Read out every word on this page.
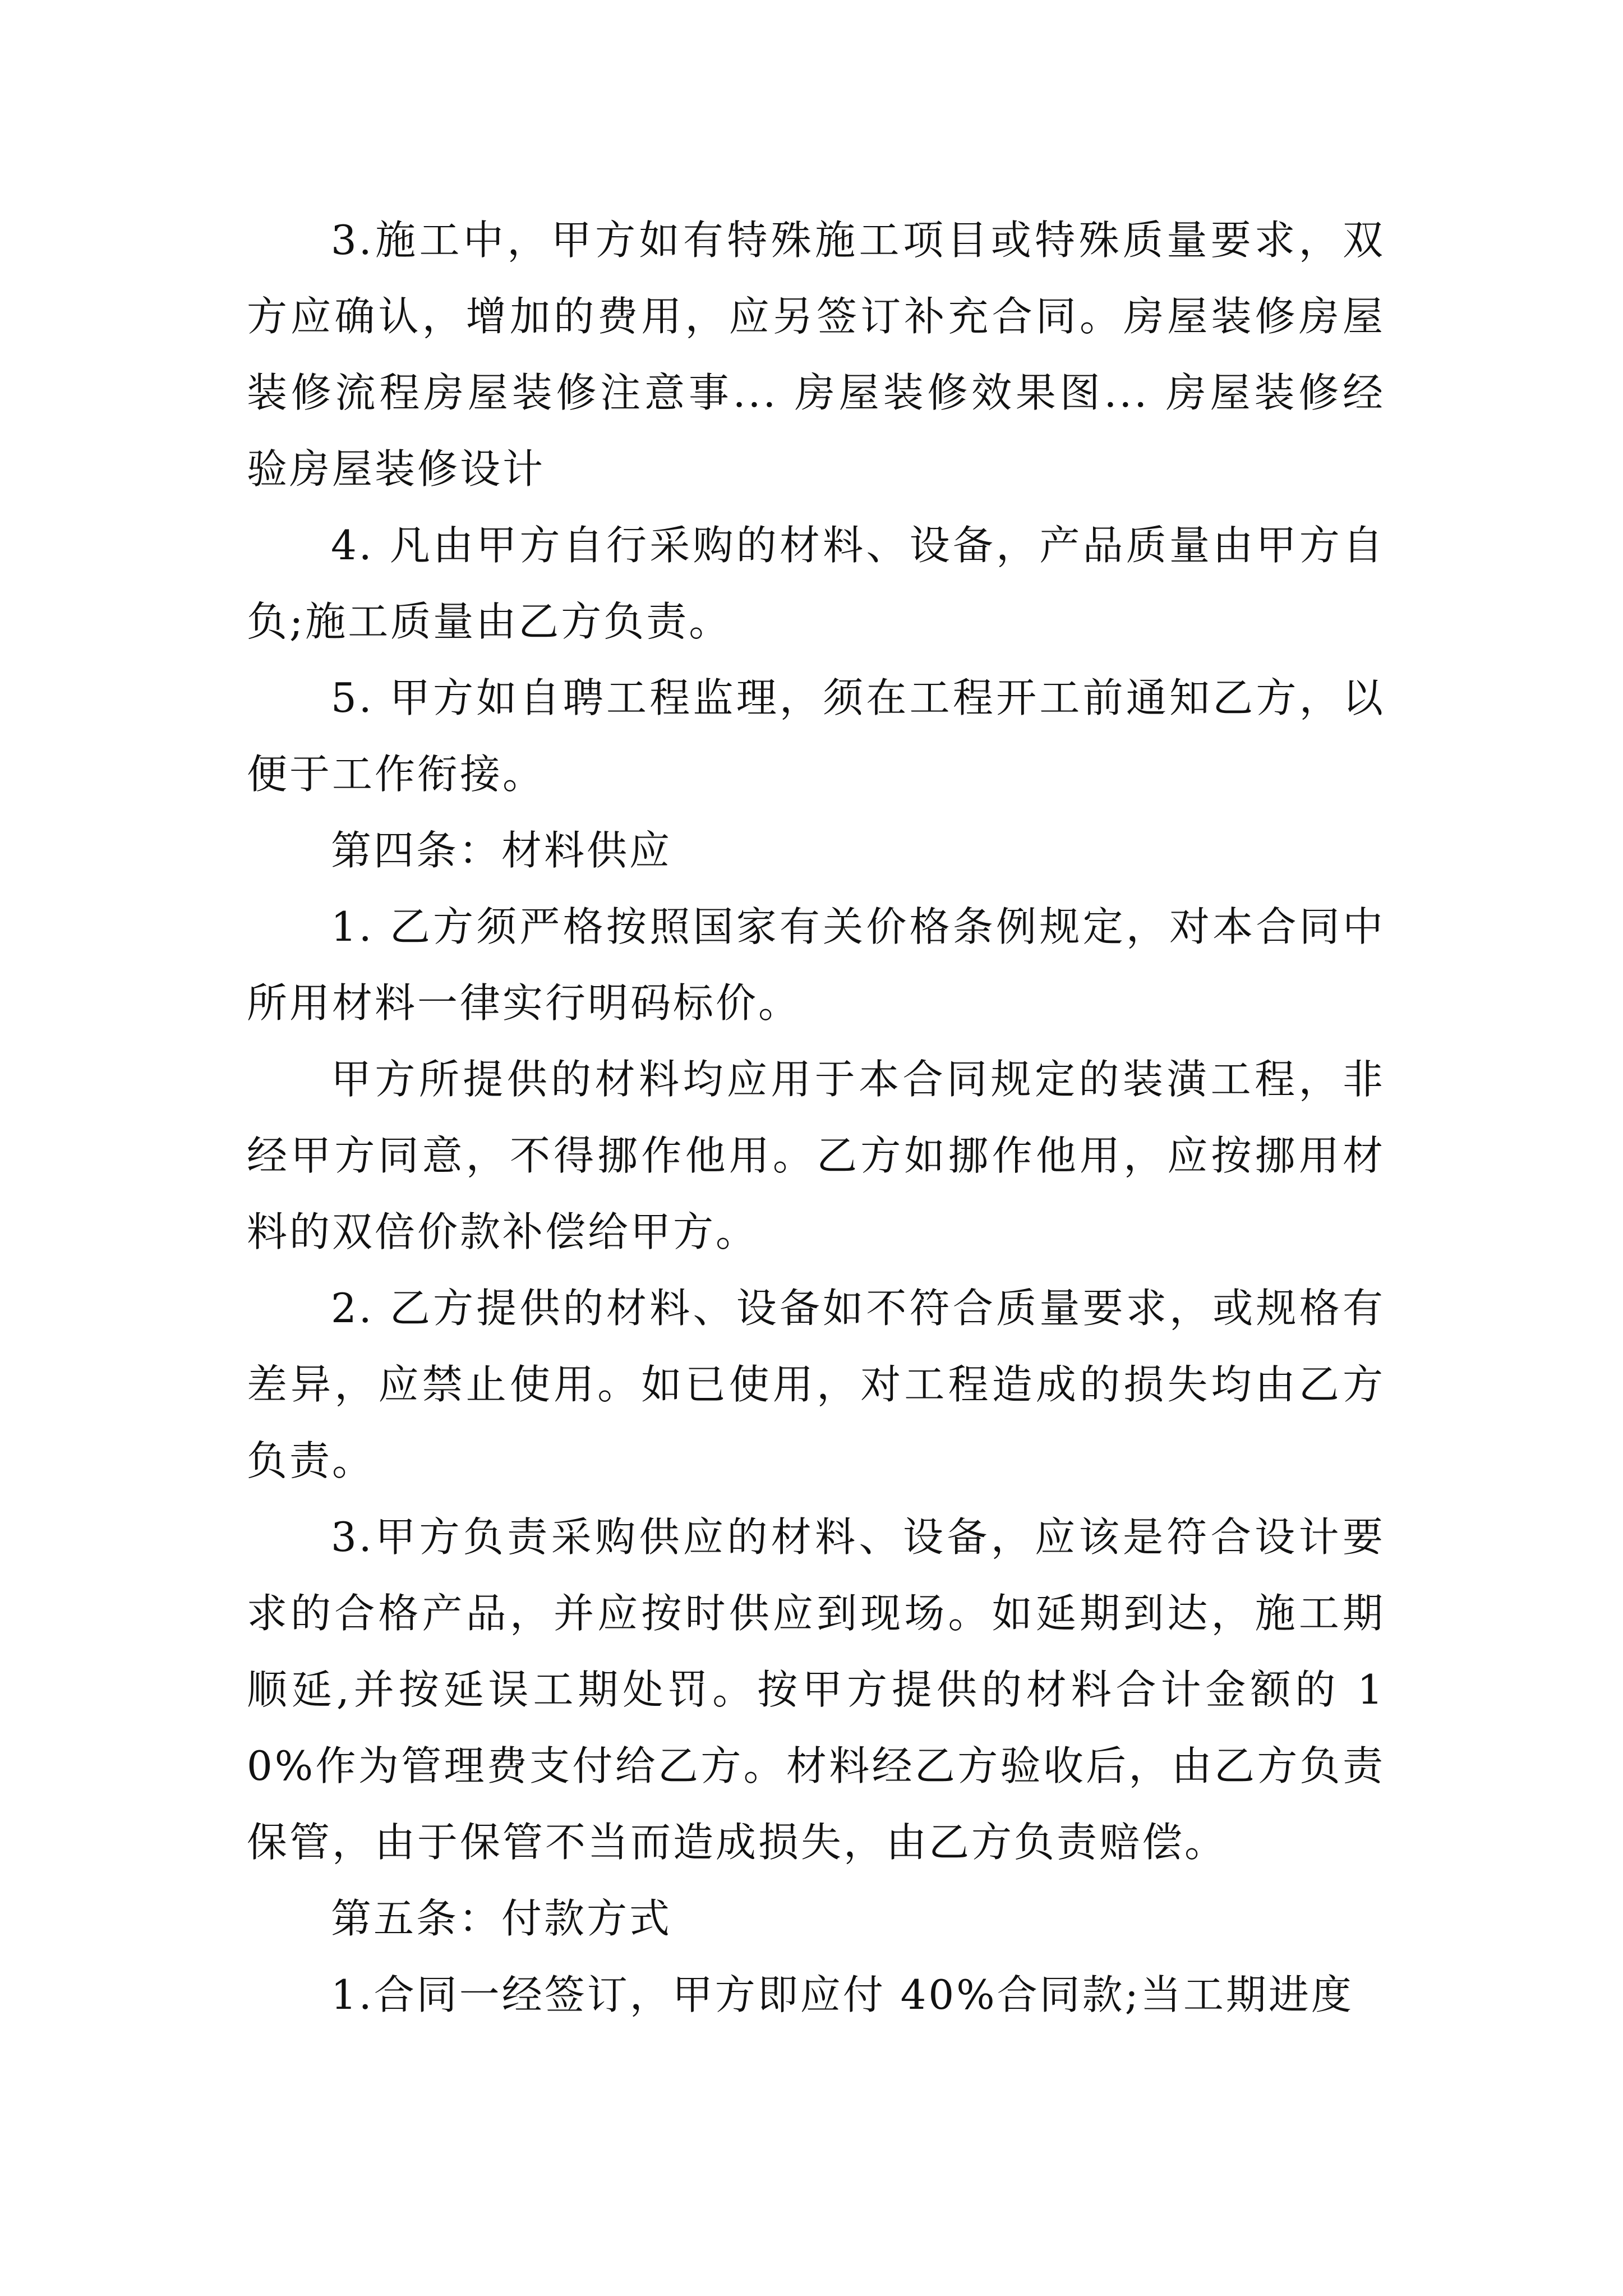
3.施工中，甲方如有特殊施工项目或特殊质量要求，双方应确认，增加的费用，应另签订补充合同。房屋装修房屋装修流程房屋装修注意事... 房屋装修效果图... 房屋装修经验房屋装修设计

4. 凡由甲方自行采购的材料、设备，产品质量由甲方自负;施工质量由乙方负责。

5. 甲方如自聘工程监理，须在工程开工前通知乙方，以便于工作衔接。

第四条：材料供应

1. 乙方须严格按照国家有关价格条例规定，对本合同中所用材料一律实行明码标价。

甲方所提供的材料均应用于本合同规定的装潢工程，非经甲方同意，不得挪作他用。乙方如挪作他用，应按挪用材料的双倍价款补偿给甲方。

2. 乙方提供的材料、设备如不符合质量要求，或规格有差异，应禁止使用。如已使用，对工程造成的损失均由乙方负责。

3.甲方负责采购供应的材料、设备，应该是符合设计要求的合格产品，并应按时供应到现场。如延期到达，施工期顺延,并按延误工期处罚。按甲方提供的材料合计金额的 10%作为管理费支付给乙方。材料经乙方验收后，由乙方负责保管，由于保管不当而造成损失，由乙方负责赔偿。

第五条：付款方式

1.合同一经签订，甲方即应付 40%合同款;当工期进度
